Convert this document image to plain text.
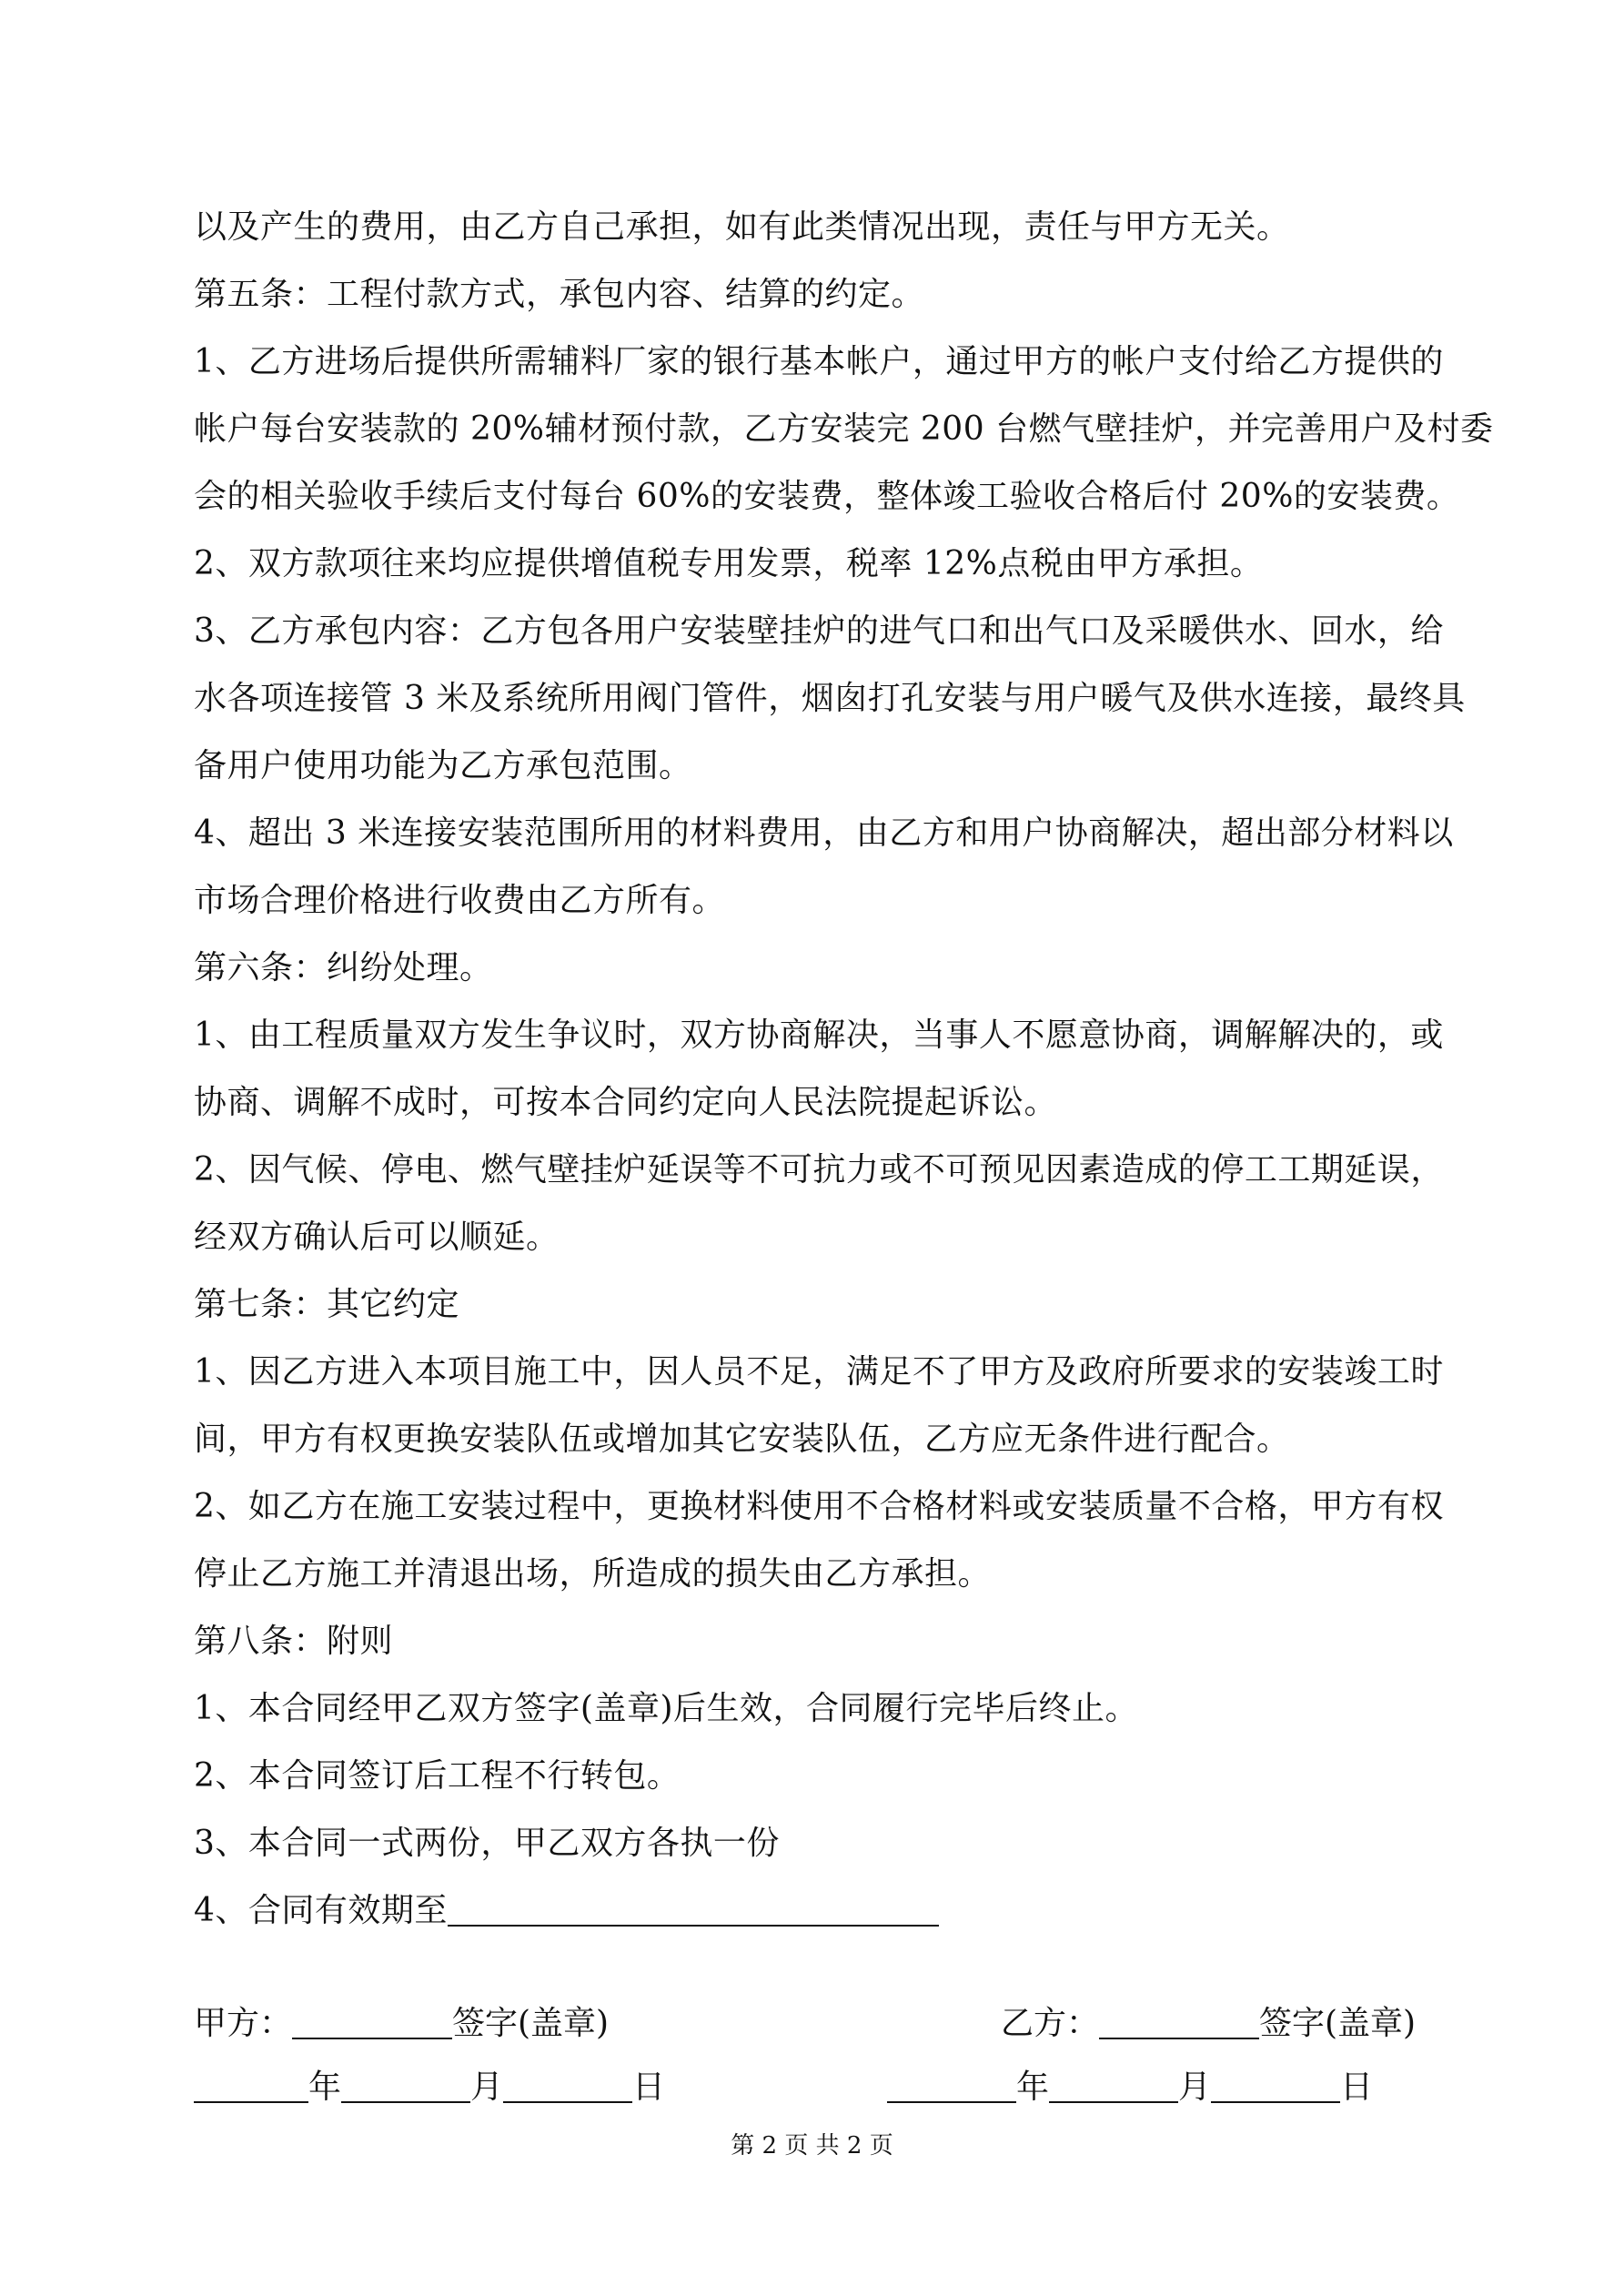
以及产生的费用，由乙方自己承担，如有此类情况出现，责任与甲方无关。
第五条：工程付款方式，承包内容、结算的约定。
1、乙方进场后提供所需辅料厂家的银行基本帐户，通过甲方的帐户支付给乙方提供的
帐户每台安装款的 20%辅材预付款，乙方安装完 200 台燃气壁挂炉，并完善用户及村委
会的相关验收手续后支付每台 60%的安装费，整体竣工验收合格后付 20%的安装费。
2、双方款项往来均应提供增值税专用发票，税率 12%点税由甲方承担。
3、乙方承包内容：乙方包各用户安装壁挂炉的进气口和出气口及采暖供水、回水，给
水各项连接管 3 米及系统所用阀门管件，烟囱打孔安装与用户暖气及供水连接，最终具
备用户使用功能为乙方承包范围。
4、超出 3 米连接安装范围所用的材料费用，由乙方和用户协商解决，超出部分材料以
市场合理价格进行收费由乙方所有。
第六条：纠纷处理。
1、由工程质量双方发生争议时，双方协商解决，当事人不愿意协商，调解解决的，或
协商、调解不成时，可按本合同约定向人民法院提起诉讼。
2、因气候、停电、燃气壁挂炉延误等不可抗力或不可预见因素造成的停工工期延误，
经双方确认后可以顺延。
第七条：其它约定
1、因乙方进入本项目施工中，因人员不足，满足不了甲方及政府所要求的安装竣工时
间，甲方有权更换安装队伍或增加其它安装队伍，乙方应无条件进行配合。
2、如乙方在施工安装过程中，更换材料使用不合格材料或安装质量不合格，甲方有权
停止乙方施工并清退出场，所造成的损失由乙方承担。
第八条：附则
1、本合同经甲乙双方签字(盖章)后生效，合同履行完毕后终止。
2、本合同签订后工程不行转包。
3、本合同一式两份，甲乙双方各执一份
4、合同有效期至
甲方：	签字(盖章)
年	月	日
乙方：	签字(盖章)
年	月	日
第 2 页 共 2 页
